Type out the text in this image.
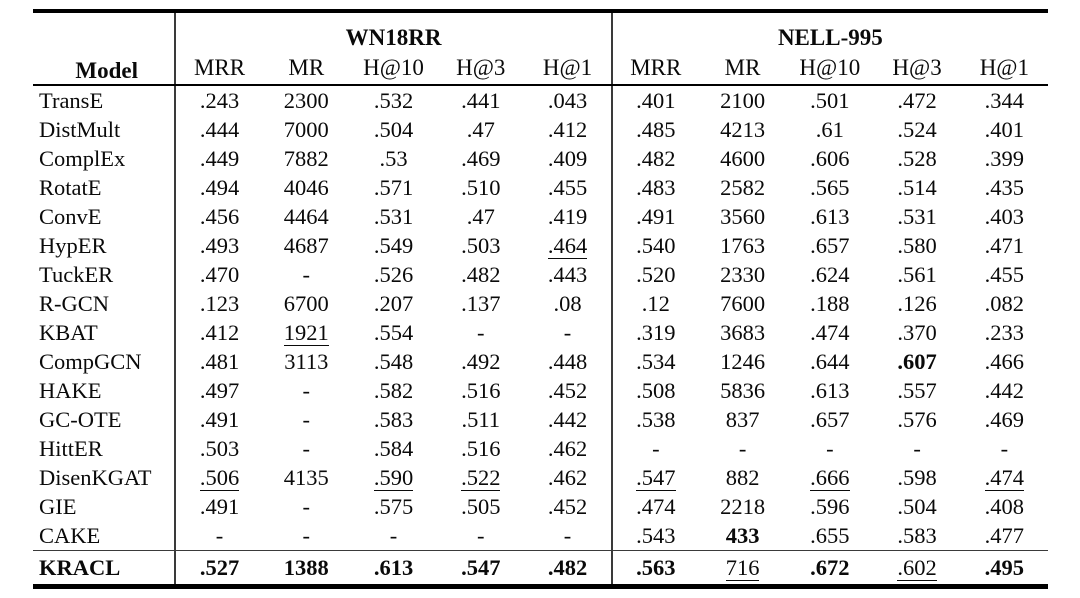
Model	WN18RR					NELL-995				
	MRR	MR	H@10	H@3	H@1	MRR	MR	H@10	H@3	H@1
TransE	.243	2300	.532	.441	.043	.401	2100	.501	.472	.344
DistMult	.444	7000	.504	.47	.412	.485	4213	.61	.524	.401
ComplEx	.449	7882	.53	.469	.409	.482	4600	.606	.528	.399
RotatE	.494	4046	.571	.510	.455	.483	2582	.565	.514	.435
ConvE	.456	4464	.531	.47	.419	.491	3560	.613	.531	.403
HypER	.493	4687	.549	.503	.464	.540	1763	.657	.580	.471
TuckER	.470	-	.526	.482	.443	.520	2330	.624	.561	.455
R-GCN	.123	6700	.207	.137	.08	.12	7600	.188	.126	.082
KBAT	.412	1921	.554	-	-	.319	3683	.474	.370	.233
CompGCN	.481	3113	.548	.492	.448	.534	1246	.644	.607	.466
HAKE	.497	-	.582	.516	.452	.508	5836	.613	.557	.442
GC-OTE	.491	-	.583	.511	.442	.538	837	.657	.576	.469
HittER	.503	-	.584	.516	.462	-	-	-	-	-
DisenKGAT	.506	4135	.590	.522	.462	.547	882	.666	.598	.474
GIE	.491	-	.575	.505	.452	.474	2218	.596	.504	.408
CAKE	-	-	-	-	-	.543	433	.655	.583	.477
KRACL	.527	1388	.613	.547	.482	.563	716	.672	.602	.495
